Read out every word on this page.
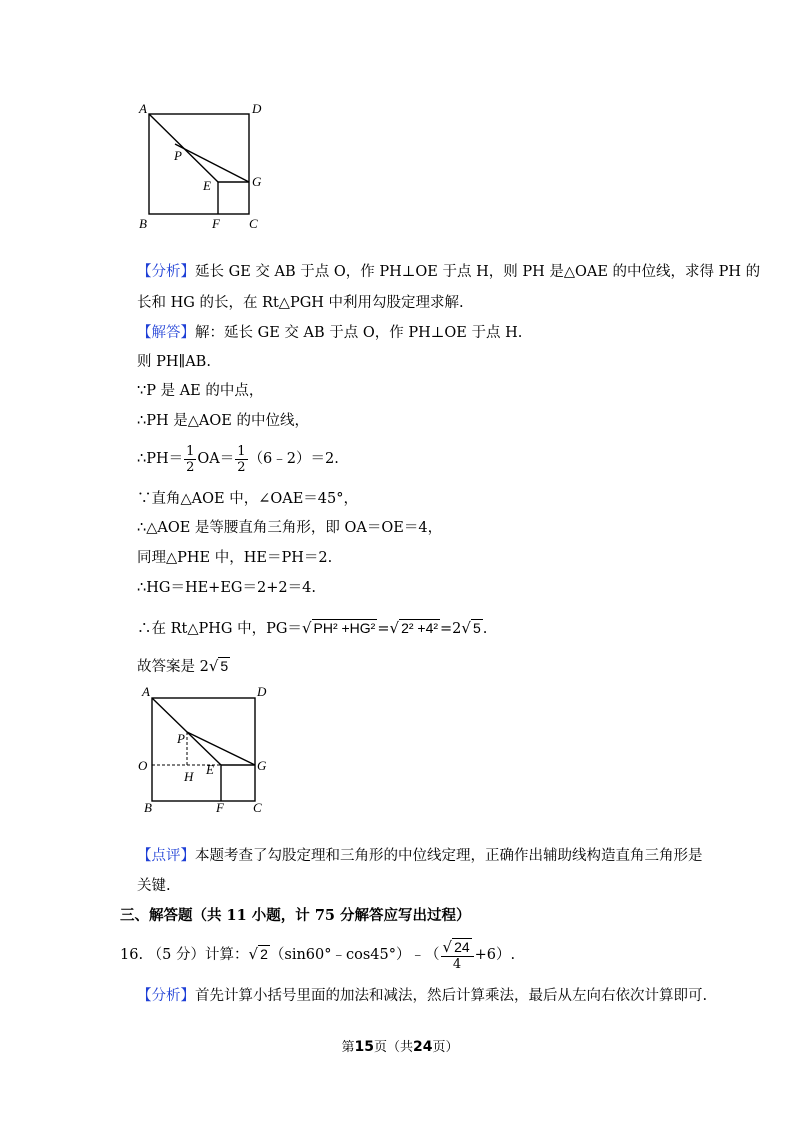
A	D
P
E	G
B	F C
【分析】延长 GE 交 AB 于点 O，作 PH⊥OE 于点 H，则 PH 是△OAE 的中位线，求得 PH 的
长和 HG 的长，在 Rt△PGH 中利用勾股定理求解.
【解答】解：延长 GE 交 AB 于点 O，作 PH⊥OE 于点 H.
则 PH∥AB.
∵P 是 AE 的中点，
∴PH 是△AOE 的中位线，
∴PH＝ $\frac{1}{2} OA= \frac{1}{2}$ （6﹣2）＝2.
∵直角△AOE 中，∠OAE＝45°，
∴△AOE 是等腰直角三角形，即 OA＝OE＝4，
同理△PHE 中，HE＝PH＝2.
∴HG＝HE+EG＝2+2＝4.
∴在 Rt△PHG 中，PG＝√ PH² +HG² =√ 2² +4² =2√ 5 .
故答案是 2√ 5
A	D
P
O
H E	G
B	F C
【点评】本题考查了勾股定理和三角形的中位线定理，正确作出辅助线构造直角三角形是
关键.
三、解答题（共 11 小题，计 75 分解答应写出过程）
16. （5 分）计算：√ 2 （sin60°﹣cos45°）﹣（ $\frac{√ 24}{4} +6$）.
【分析】首先计算小括号里面的加法和减法，然后计算乘法，最后从左向右依次计算即可.
第15页（共24页）
